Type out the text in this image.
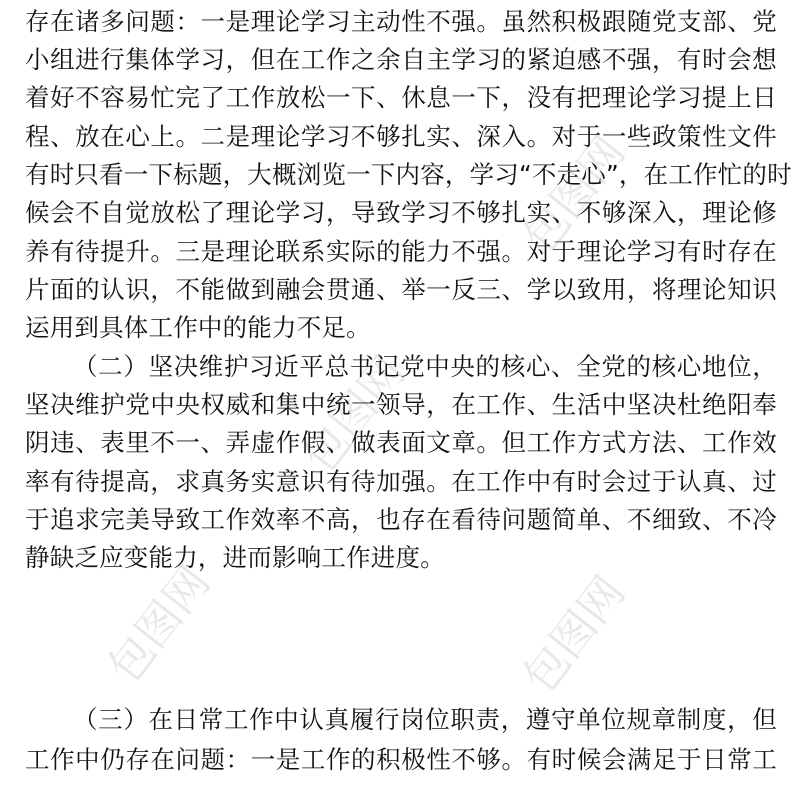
包图网
包图网
包图网	包图网
存在诸多问题：一是理论学习主动性不强。虽然积极跟随党支部、党
小组进行集体学习，但在工作之余自主学习的紧迫感不强，有时会想
着好不容易忙完了工作放松一下、休息一下，没有把理论学习提上日
程、放在心上。二是理论学习不够扎实、深入。对于一些政策性文件
有时只看一下标题，大概浏览一下内容，学习“不走心”，在工作忙的时
候会不自觉放松了理论学习，导致学习不够扎实、不够深入，理论修
养有待提升。三是理论联系实际的能力不强。对于理论学习有时存在
片面的认识，不能做到融会贯通、举一反三、学以致用，将理论知识
运用到具体工作中的能力不足。
（二）坚决维护习近平总书记党中央的核心、全党的核心地位，
坚决维护党中央权威和集中统一领导，在工作、生活中坚决杜绝阳奉
阴违、表里不一、弄虚作假、做表面文章。但工作方式方法、工作效
率有待提高，求真务实意识有待加强。在工作中有时会过于认真、过
于追求完美导致工作效率不高，也存在看待问题简单、不细致、不冷
静缺乏应变能力，进而影响工作进度。
（三）在日常工作中认真履行岗位职责，遵守单位规章制度，但
工作中仍存在问题：一是工作的积极性不够。有时候会满足于日常工
